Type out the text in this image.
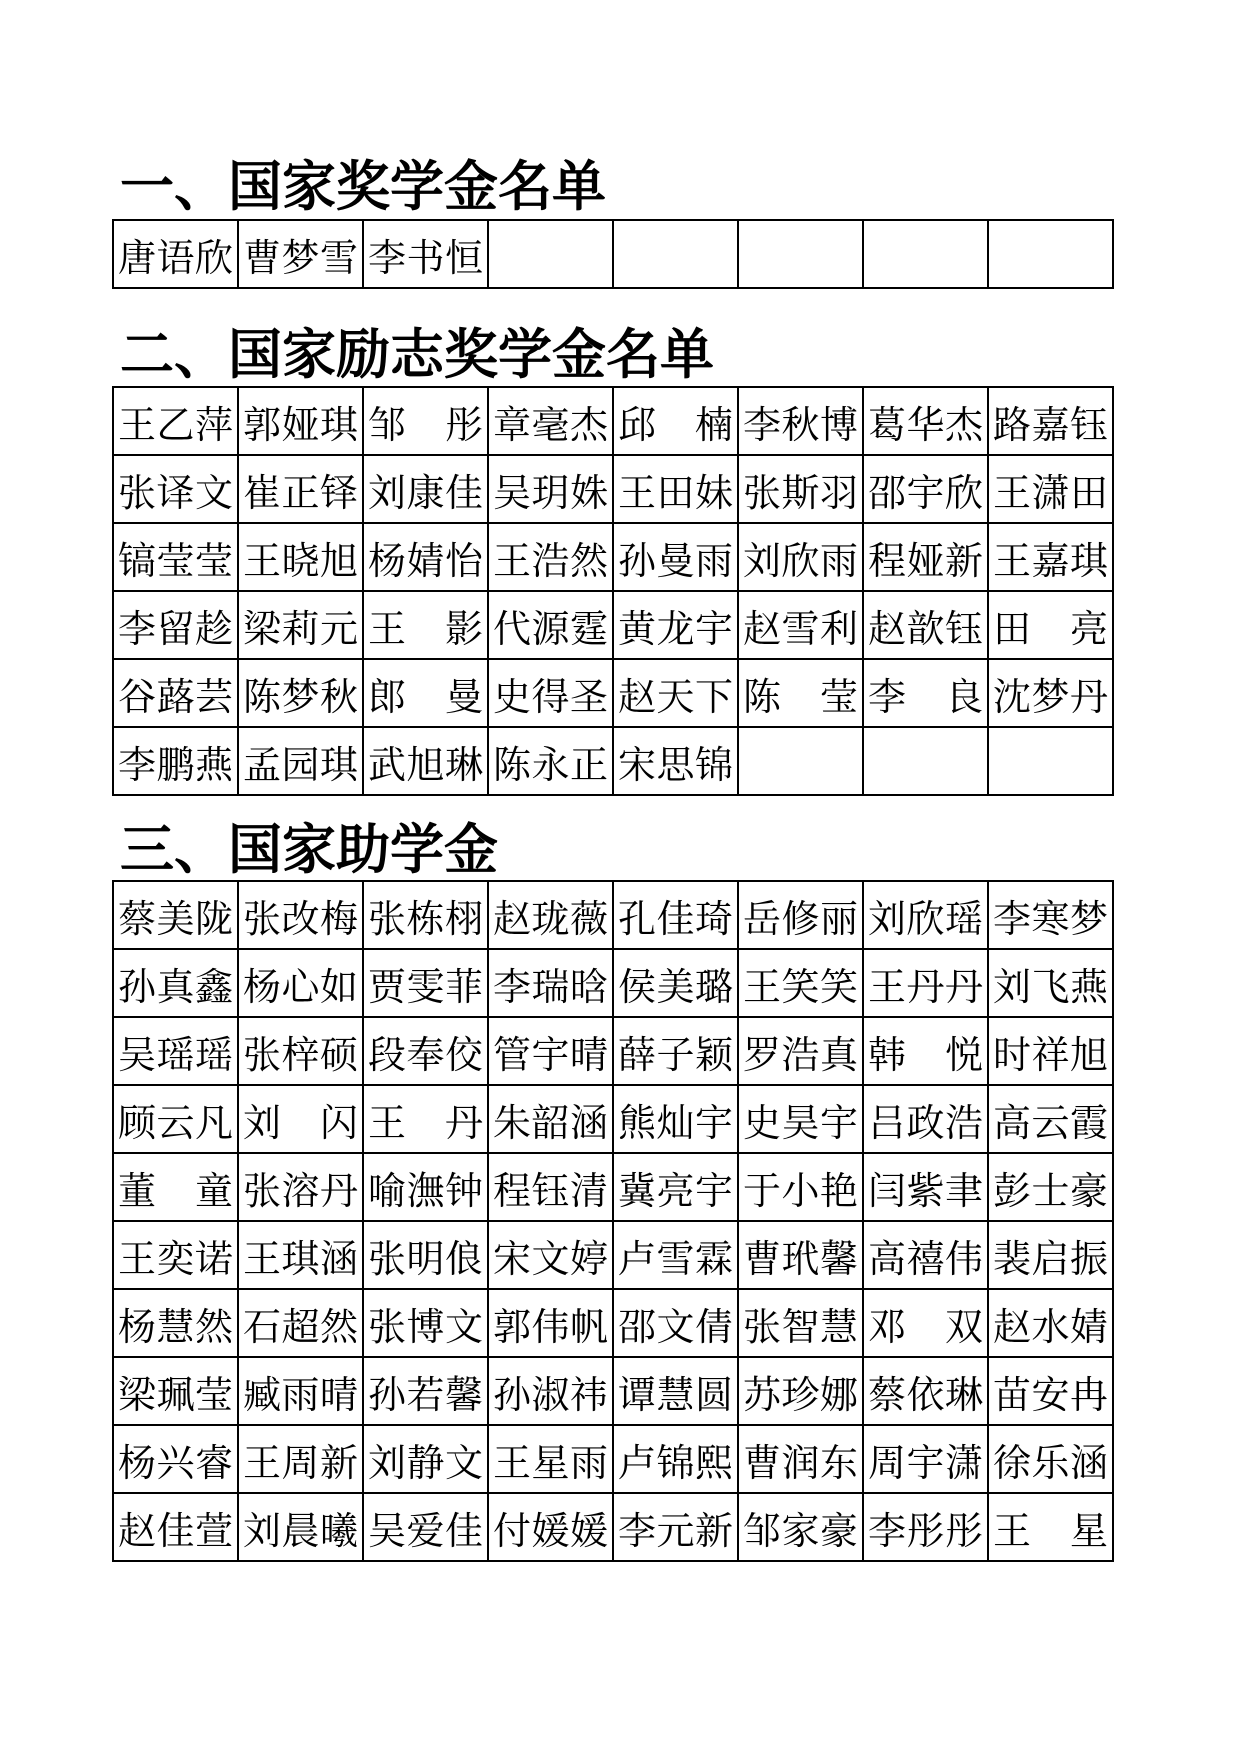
一、国家奖学金名单
唐 语 欣	曹 梦 雪	李 书 恒

二、国家励志奖学金名单
王 乙 萍	郭 娅 琪	邹 彤	章 毫 杰	邱 楠	李 秋 博	葛 华 杰	路 嘉 钰

张 译 文	崔 正 铎	刘 康 佳	吴 玥 姝	王 田 妹	张 斯 羽	邵 宇 欣	王 潇 田

镐 莹 莹	王 晓 旭	杨 婧 怡	王 浩 然	孙 曼 雨	刘 欣 雨	程 娅 新	王 嘉 琪

李 留 趁	梁 莉 元	王 影	代 源 霆	黄 龙 宇	赵 雪 利	赵 歆 钰	田 亮

谷 蕗 芸	陈 梦 秋	郎 曼	史 得 圣	赵 天 下	陈 莹	李 良	沈 梦 丹

李 鹏 燕	孟 园 琪	武 旭 琳	陈 永 正	宋 思 锦			

三、国家助学金
蔡 美 陇	张 改 梅	张 栋 栩	赵 珑 薇	孔 佳 琦	岳 修 丽	刘 欣 瑶	李 寒 梦

孙 真 鑫	杨 心 如	贾 雯 菲	李 瑞 晗	侯 美 璐	王 笑 笑	王 丹 丹	刘 飞 燕

吴 瑶 瑶	张 梓 硕	段 奉 佼	管 宇 晴	薛 子 颖	罗 浩 真	韩 悦	时 祥 旭

顾 云 凡	刘 闪	王 丹	朱 韶 涵	熊 灿 宇	史 昊 宇	吕 政 浩	高 云 霞

董 童	张 溶 丹	喻 潕 钟	程 钰 清	冀 亮 宇	于 小 艳	闫 紫 聿	彭 士 豪

王 奕 诺	王 琪 涵	张 明 俍	宋 文 婷	卢 雪 霖	曹 玳 馨	高 禧 伟	裴 启 振

杨 慧 然	石 超 然	张 博 文	郭 伟 帆	邵 文 倩	张 智 慧	邓 双	赵 水 婧

梁 珮 莹	臧 雨 晴	孙 若 馨	孙 淑 祎	谭 慧 圆	苏 珍 娜	蔡 依 琳	苗 安 冉

杨 兴 睿	王 周 新	刘 静 文	王 星 雨	卢 锦 熙	曹 润 东	周 宇 潇	徐 乐 涵

赵 佳 萱	刘 晨 曦	吴 爱 佳	付 媛 媛	李 元 新	邹 家 豪	李 彤 彤	王 星
